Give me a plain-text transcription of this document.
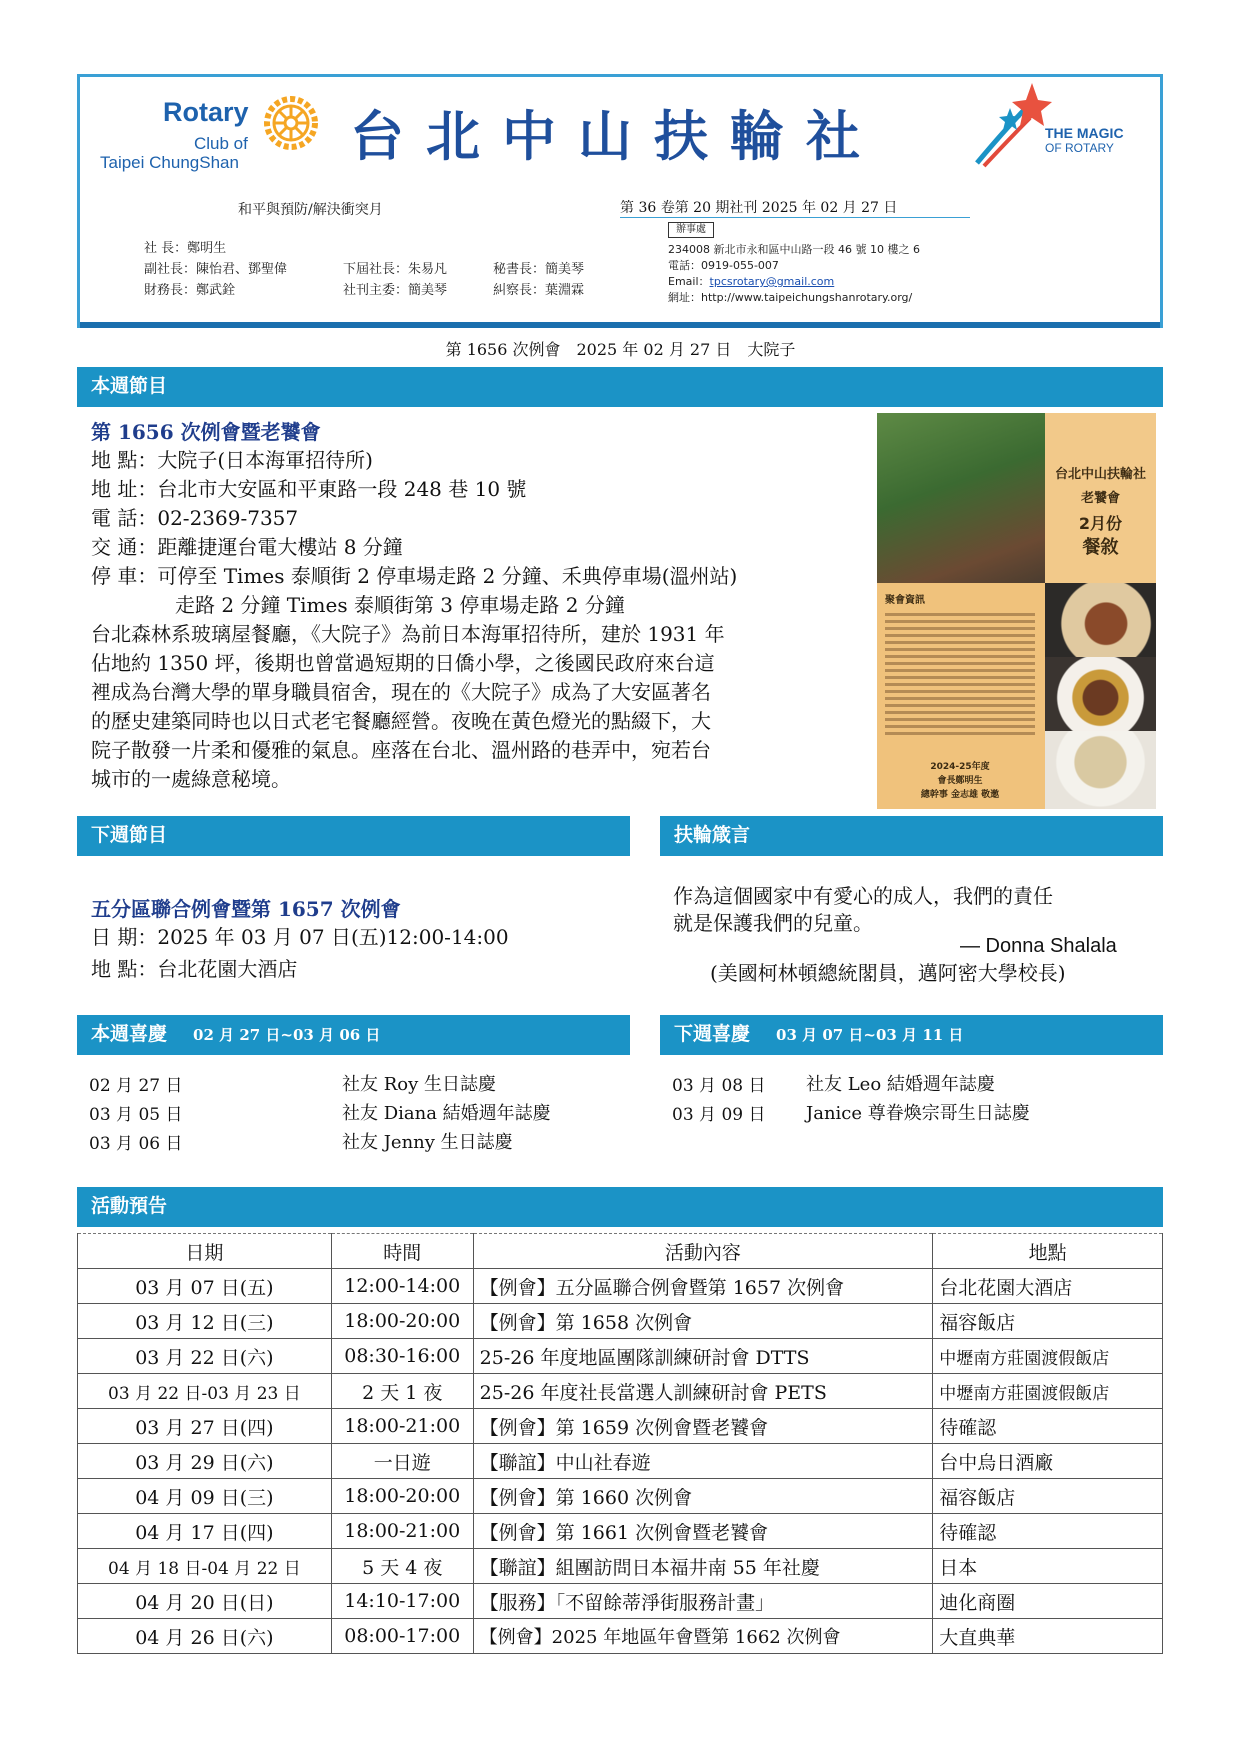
Rotary
Club of
Taipei ChungShan 台北中山扶輪社	THE MAGIC
OF ROTARY
和平與預防/解決衝突月	第 36 卷第 20 期社刊 2025 年 02 月 27 日
社 長：鄭明生
副社長：陳怡君、鄧聖偉	下屆社長：朱易凡	秘書長：簡美琴
財務長：鄭武銓	社刊主委：簡美琴	糾察長：葉淵霖
辦事處
234008 新北市永和區中山路一段 46 號 10 樓之 6
電話：0919-055-007
Email：tpcsrotary@gmail.com
網址：http://www.taipeichungshanrotary.org/
第 1656 次例會　2025 年 02 月 27 日　大院子
本週節目
第 1656 次例會暨老饕會
地 點：大院子(日本海軍招待所)
地 址：台北市大安區和平東路一段 248 巷 10 號
電 話：02-2369-7357
交 通：距離捷運台電大樓站 8 分鐘
停 車：可停至 Times 泰順街 2 停車場走路 2 分鐘、禾典停車場(溫州站)
走路 2 分鐘 Times 泰順街第 3 停車場走路 2 分鐘
台北森林系玻璃屋餐廳，《大院子》為前日本海軍招待所，建於 1931 年
佔地約 1350 坪，後期也曾當過短期的日僑小學，之後國民政府來台這
裡成為台灣大學的單身職員宿舍，現在的《大院子》成為了大安區著名
的歷史建築同時也以日式老宅餐廳經營。夜晚在黃色燈光的點綴下，大
院子散發一片柔和優雅的氣息。座落在台北、溫州路的巷弄中，宛若台
城市的一處綠意秘境。
台北中山扶輪社
老饕會
2月份
餐敘
聚會資訊
2024-25年度
會長鄭明生
總幹事 金志雄 敬邀
下週節目	扶輪箴言
五分區聯合例會暨第 1657 次例會
日 期：2025 年 03 月 07 日(五)12:00-14:00
地 點：台北花園大酒店
作為這個國家中有愛心的成人，我們的責任
就是保護我們的兒童。
— Donna Shalala
(美國柯林頓總統閣員，邁阿密大學校長)
本週喜慶 02 月 27 日~03 月 06 日	下週喜慶 03 月 07 日~03 月 11 日
02 月 27 日	社友 Roy 生日誌慶
03 月 05 日	社友 Diana 結婚週年誌慶
03 月 06 日	社友 Jenny 生日誌慶
03 月 08 日 社友 Leo 結婚週年誌慶
03 月 09 日 Janice 尊眷煥宗哥生日誌慶
活動預告
日期	時間	活動內容	地點
03 月 07 日(五)	12:00-14:00	【例會】五分區聯合例會暨第 1657 次例會	台北花園大酒店
03 月 12 日(三)	18:00-20:00	【例會】第 1658 次例會	福容飯店
03 月 22 日(六)	08:30-16:00	25-26 年度地區團隊訓練研討會 DTTS	中壢南方莊園渡假飯店
03 月 22 日-03 月 23 日	2 天 1 夜	25-26 年度社長當選人訓練研討會 PETS	中壢南方莊園渡假飯店
03 月 27 日(四)	18:00-21:00	【例會】第 1659 次例會暨老饕會	待確認
03 月 29 日(六)	一日遊	【聯誼】中山社春遊	台中烏日酒廠
04 月 09 日(三)	18:00-20:00	【例會】第 1660 次例會	福容飯店
04 月 17 日(四)	18:00-21:00	【例會】第 1661 次例會暨老饕會	待確認
04 月 18 日-04 月 22 日	5 天 4 夜	【聯誼】組團訪問日本福井南 55 年社慶	日本
04 月 20 日(日)	14:10-17:00	【服務】「不留餘蒂淨街服務計畫」	迪化商圈
04 月 26 日(六)	08:00-17:00	【例會】2025 年地區年會暨第 1662 次例會	大直典華
